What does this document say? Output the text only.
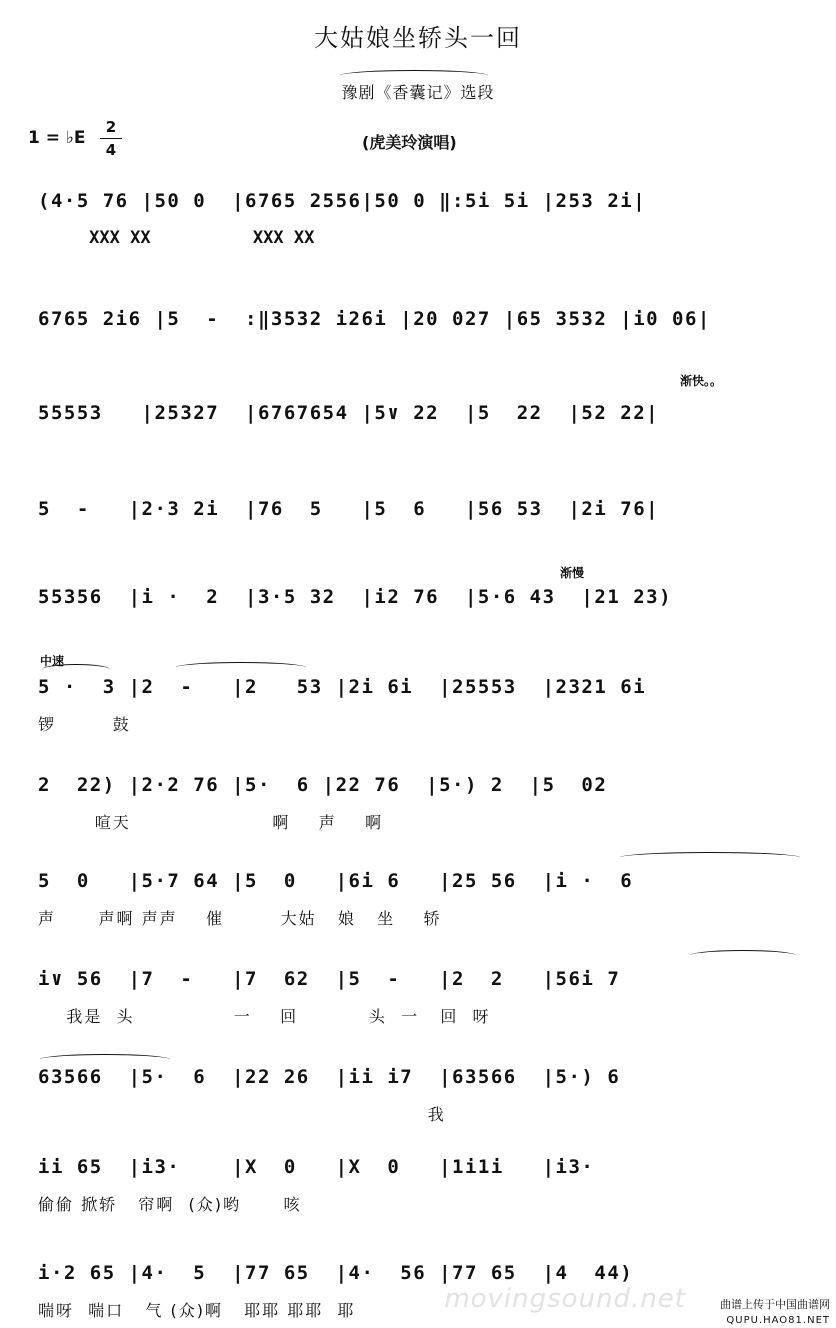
大姑娘坐轿头一回
豫剧《香囊记》选段
1 = ♭E
2
4	(虎美玲演唱)
(4·5 76 |50 0  |6765 2556|50 0 ‖:5i 5i |253 2i|
XXX XX          XXX XX
6765 2i6 |5  -  :‖3532 i26i |20 027 |65 3532 |i0 06|
55553   |25327  |6767654 |5∨ 22  |5  22  |52 22|
渐快。。
5  -   |2·3 2i  |76  5   |5  6   |56 53  |2i 76|
55356  |i ·  2  |3·5 32  |i2 76  |5·6 43  |21 23)
渐慢
5 ·  3 |2  -   |2   53 |2i 6i  |25553  |2321 6i
锣        鼓
中速
2  22) |2·2 76 |5·  6 |22 76  |5·) 2  |5  02
喧天                    啊    声    啊
5  0   |5·7 64 |5  0   |6i 6   |25 56  |i ·  6
声      声啊 声声    催        大姑   娘   坐    轿
i∨ 56  |7  -   |7  62  |5  -   |2  2   |56i 7
我是  头              一    回          头  一   回  呀
63566  |5·  6  |22 26  |ii i7  |63566  |5·) 6
我
ii 65  |i3·    |X  0   |X  0   |1i1i   |i3·
偷偷 掀轿   帘啊  (众)哟      咳
i·2 65 |4·  5  |77 65  |4·  56 |77 65  |4  44)
喘呀  喘口   气 (众)啊   耶耶 耶耶  耶	movingsound.net	曲谱上传于中国曲谱网
QUPU.HAO81.NET
